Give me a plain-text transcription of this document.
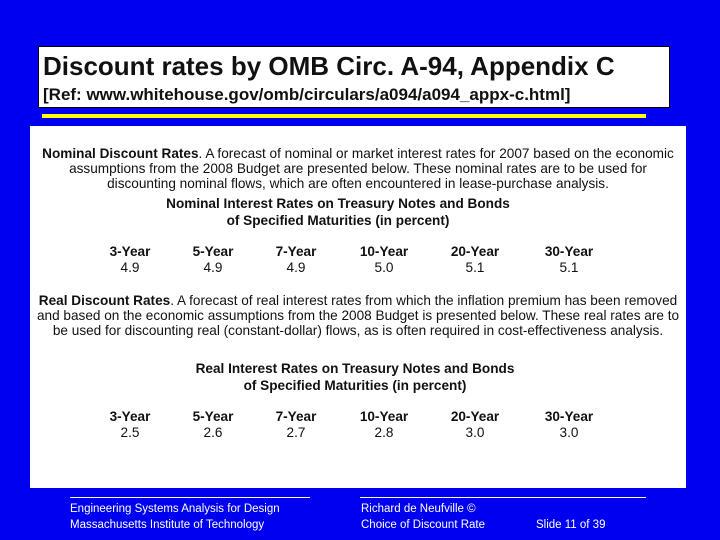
Discount rates by OMB Circ. A-94, Appendix C
[Ref: www.whitehouse.gov/omb/circulars/a094/a094_appx-c.html]
Nominal Discount Rates. A forecast of nominal or market interest rates for 2007 based on the economic assumptions from the 2008 Budget are presented below. These nominal rates are to be used for discounting nominal flows, which are often encountered in lease-purchase analysis.
Nominal Interest Rates on Treasury Notes and Bonds
of Specified Maturities (in percent)
3-Year
4.9
5-Year
4.9
7-Year
4.9
10-Year
5.0
20-Year
5.1
30-Year
5.1
Real Discount Rates. A forecast of real interest rates from which the inflation premium has been removed and based on the economic assumptions from the 2008 Budget is presented below. These real rates are to be used for discounting real (constant-dollar) flows, as is often required in cost-effectiveness analysis.
Real Interest Rates on Treasury Notes and Bonds
of Specified Maturities (in percent)
3-Year
2.5
5-Year
2.6
7-Year
2.7
10-Year
2.8
20-Year
3.0
30-Year
3.0
Engineering Systems Analysis for Design
Massachusetts Institute of Technology
Richard de Neufville ©
Choice of Discount Rate	Slide 11 of 39
